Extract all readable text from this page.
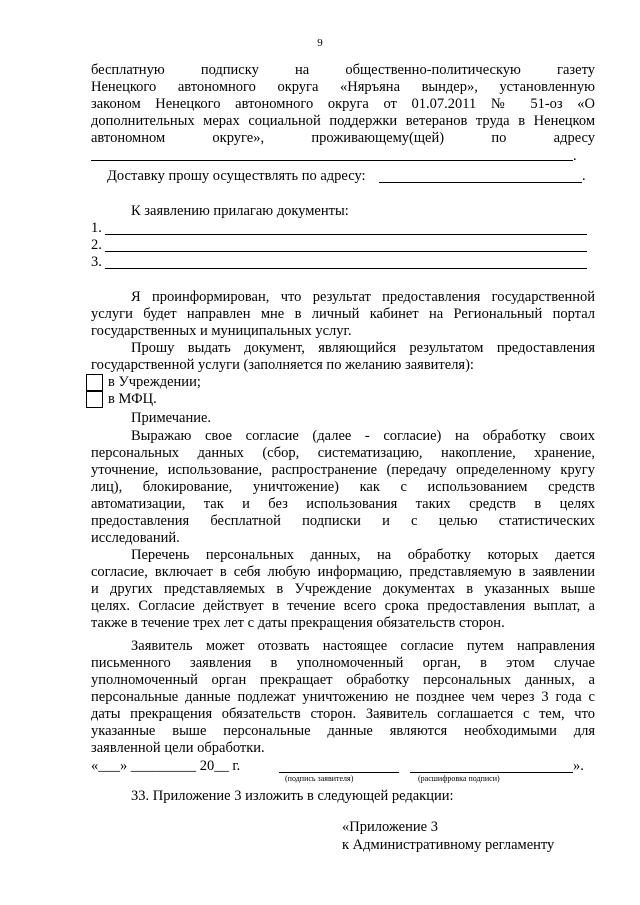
9
бесплатную подписку на общественно-политическую газету
Ненецкого автономного округа «Няръяна вындер», установленную
законом Ненецкого автономного округа от 01.07.2011 № 51-оз «О
дополнительных мерах социальной поддержки ветеранов труда в Ненецком
автономном округе», проживающему(щей) по адресу
.
Доставку прошу осуществлять по адресу:	.
К заявлению прилагаю документы:
1.
2.
3.
Я проинформирован, что результат предоставления государственной
услуги будет направлен мне в личный кабинет на Региональный портал
государственных и муниципальных услуг.
Прошу выдать документ, являющийся результатом предоставления
государственной услуги (заполняется по желанию заявителя):
в Учреждении;
в МФЦ.
Примечание.
Выражаю свое согласие (далее - согласие) на обработку своих
персональных данных (сбор, систематизацию, накопление, хранение,
уточнение, использование, распространение (передачу определенному кругу
лиц), блокирование, уничтожение) как с использованием средств
автоматизации, так и без использования таких средств в целях
предоставления бесплатной подписки и с целью статистических
исследований.
Перечень персональных данных, на обработку которых дается
согласие, включает в себя любую информацию, представляемую в заявлении
и других представляемых в Учреждение документах в указанных выше
целях. Согласие действует в течение всего срока предоставления выплат, а
также в течение трех лет с даты прекращения обязательств сторон.
Заявитель может отозвать настоящее согласие путем направления
письменного заявления в уполномоченный орган, в этом случае
уполномоченный орган прекращает обработку персональных данных, а
персональные данные подлежат уничтожению не позднее чем через 3 года с
даты прекращения обязательств сторон. Заявитель соглашается с тем, что
указанные выше персональные данные являются необходимыми для
заявленной цели обработки.
«___» _________ 20__ г.	».
(подпись заявителя)	(расшифровка подписи)
33. Приложение 3 изложить в следующей редакции:
«Приложение 3
к Административному регламенту
